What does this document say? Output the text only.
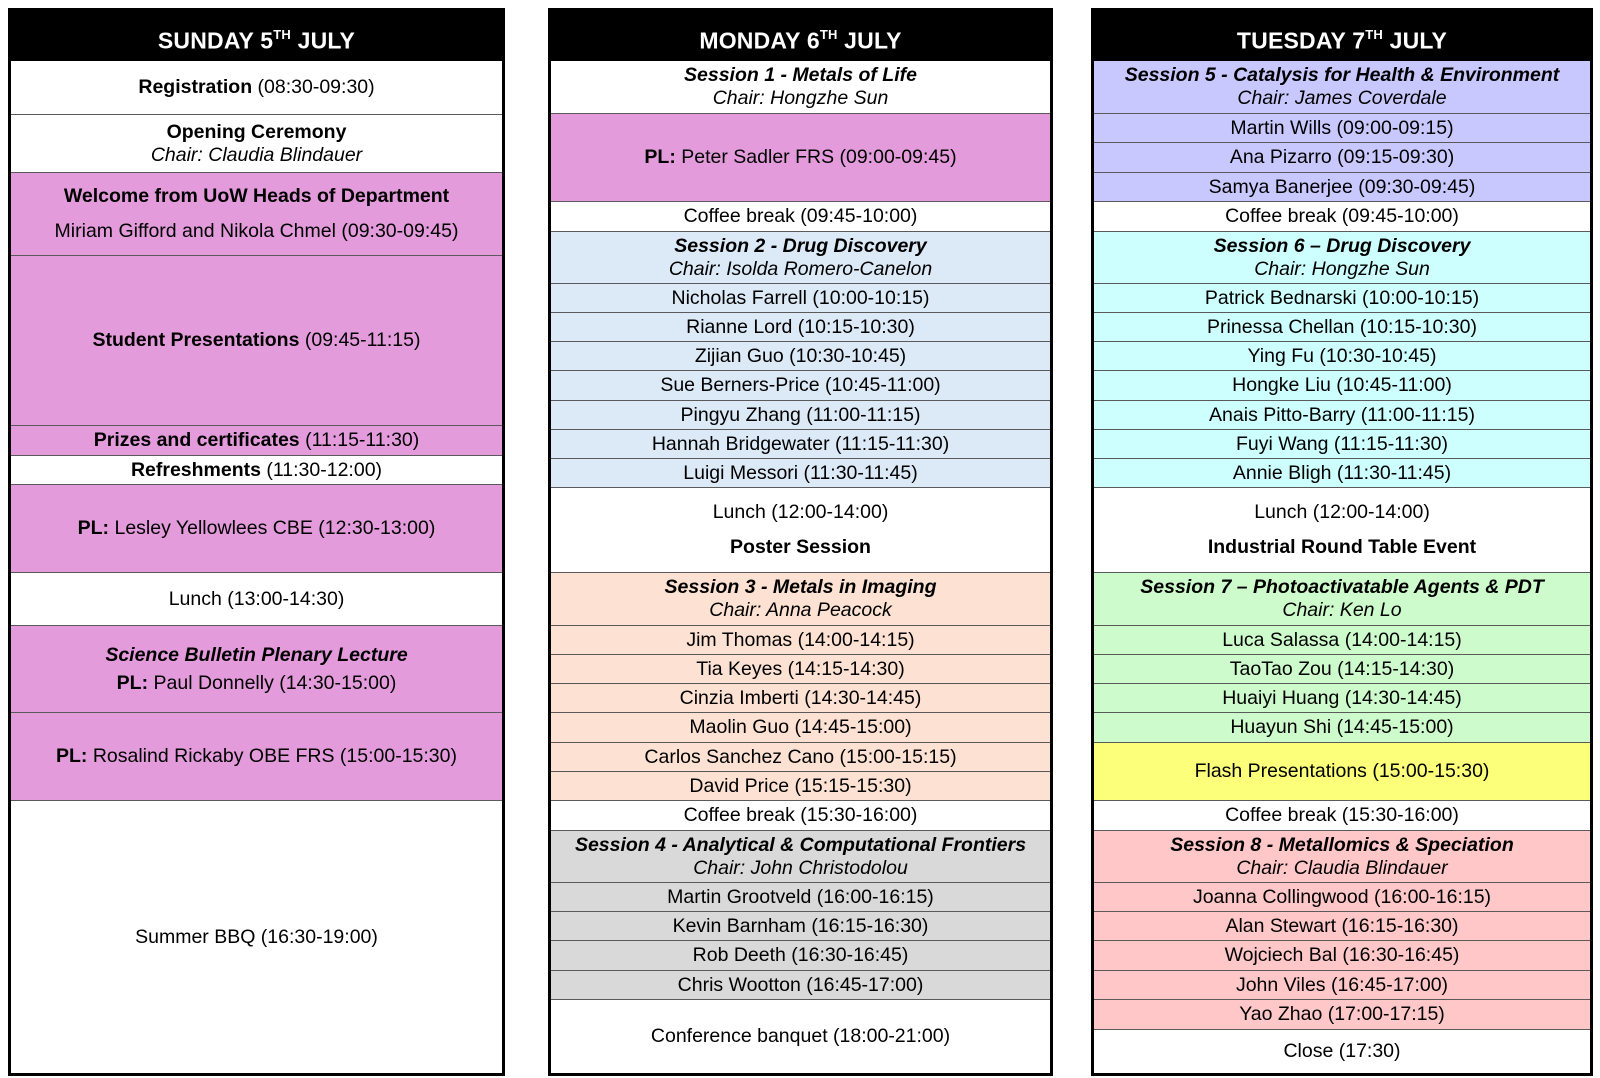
SUNDAY 5TH JULY
Registration (08:30-09:30)
Opening Ceremony
Chair: Claudia Blindauer
Welcome from UoW Heads of Department
Miriam Gifford and Nikola Chmel (09:30-09:45)
Student Presentations (09:45-11:15)
Prizes and certificates (11:15-11:30)
Refreshments (11:30-12:00)
PL: Lesley Yellowlees CBE (12:30-13:00)
Lunch (13:00-14:30)
Science Bulletin Plenary Lecture
PL: Paul Donnelly (14:30-15:00)
PL: Rosalind Rickaby OBE FRS (15:00-15:30)
Summer BBQ (16:30-19:00)
MONDAY 6TH JULY
Session 1 - Metals of Life
Chair: Hongzhe Sun
PL: Peter Sadler FRS (09:00-09:45)
Coffee break (09:45-10:00)
Session 2 - Drug Discovery
Chair: Isolda Romero-Canelon
Nicholas Farrell (10:00-10:15)
Rianne Lord (10:15-10:30)
Zijian Guo (10:30-10:45)
Sue Berners-Price (10:45-11:00)
Pingyu Zhang (11:00-11:15)
Hannah Bridgewater (11:15-11:30)
Luigi Messori (11:30-11:45)
Lunch (12:00-14:00)
Poster Session
Session 3 - Metals in Imaging
Chair: Anna Peacock
Jim Thomas (14:00-14:15)
Tia Keyes (14:15-14:30)
Cinzia Imberti (14:30-14:45)
Maolin Guo (14:45-15:00)
Carlos Sanchez Cano (15:00-15:15)
David Price (15:15-15:30)
Coffee break (15:30-16:00)
Session 4 - Analytical & Computational Frontiers
Chair: John Christodolou
Martin Grootveld (16:00-16:15)
Kevin Barnham (16:15-16:30)
Rob Deeth (16:30-16:45)
Chris Wootton (16:45-17:00)
Conference banquet (18:00-21:00)
TUESDAY 7TH JULY
Session 5 - Catalysis for Health & Environment
Chair: James Coverdale
Martin Wills (09:00-09:15)
Ana Pizarro (09:15-09:30)
Samya Banerjee (09:30-09:45)
Coffee break (09:45-10:00)
Session 6 – Drug Discovery
Chair: Hongzhe Sun
Patrick Bednarski (10:00-10:15)
Prinessa Chellan (10:15-10:30)
Ying Fu (10:30-10:45)
Hongke Liu (10:45-11:00)
Anais Pitto-Barry (11:00-11:15)
Fuyi Wang (11:15-11:30)
Annie Bligh (11:30-11:45)
Lunch (12:00-14:00)
Industrial Round Table Event
Session 7 – Photoactivatable Agents & PDT
Chair: Ken Lo
Luca Salassa (14:00-14:15)
TaoTao Zou (14:15-14:30)
Huaiyi Huang (14:30-14:45)
Huayun Shi (14:45-15:00)
Flash Presentations (15:00-15:30)
Coffee break (15:30-16:00)
Session 8 - Metallomics & Speciation
Chair: Claudia Blindauer
Joanna Collingwood (16:00-16:15)
Alan Stewart (16:15-16:30)
Wojciech Bal (16:30-16:45)
John Viles (16:45-17:00)
Yao Zhao (17:00-17:15)
Close (17:30)
